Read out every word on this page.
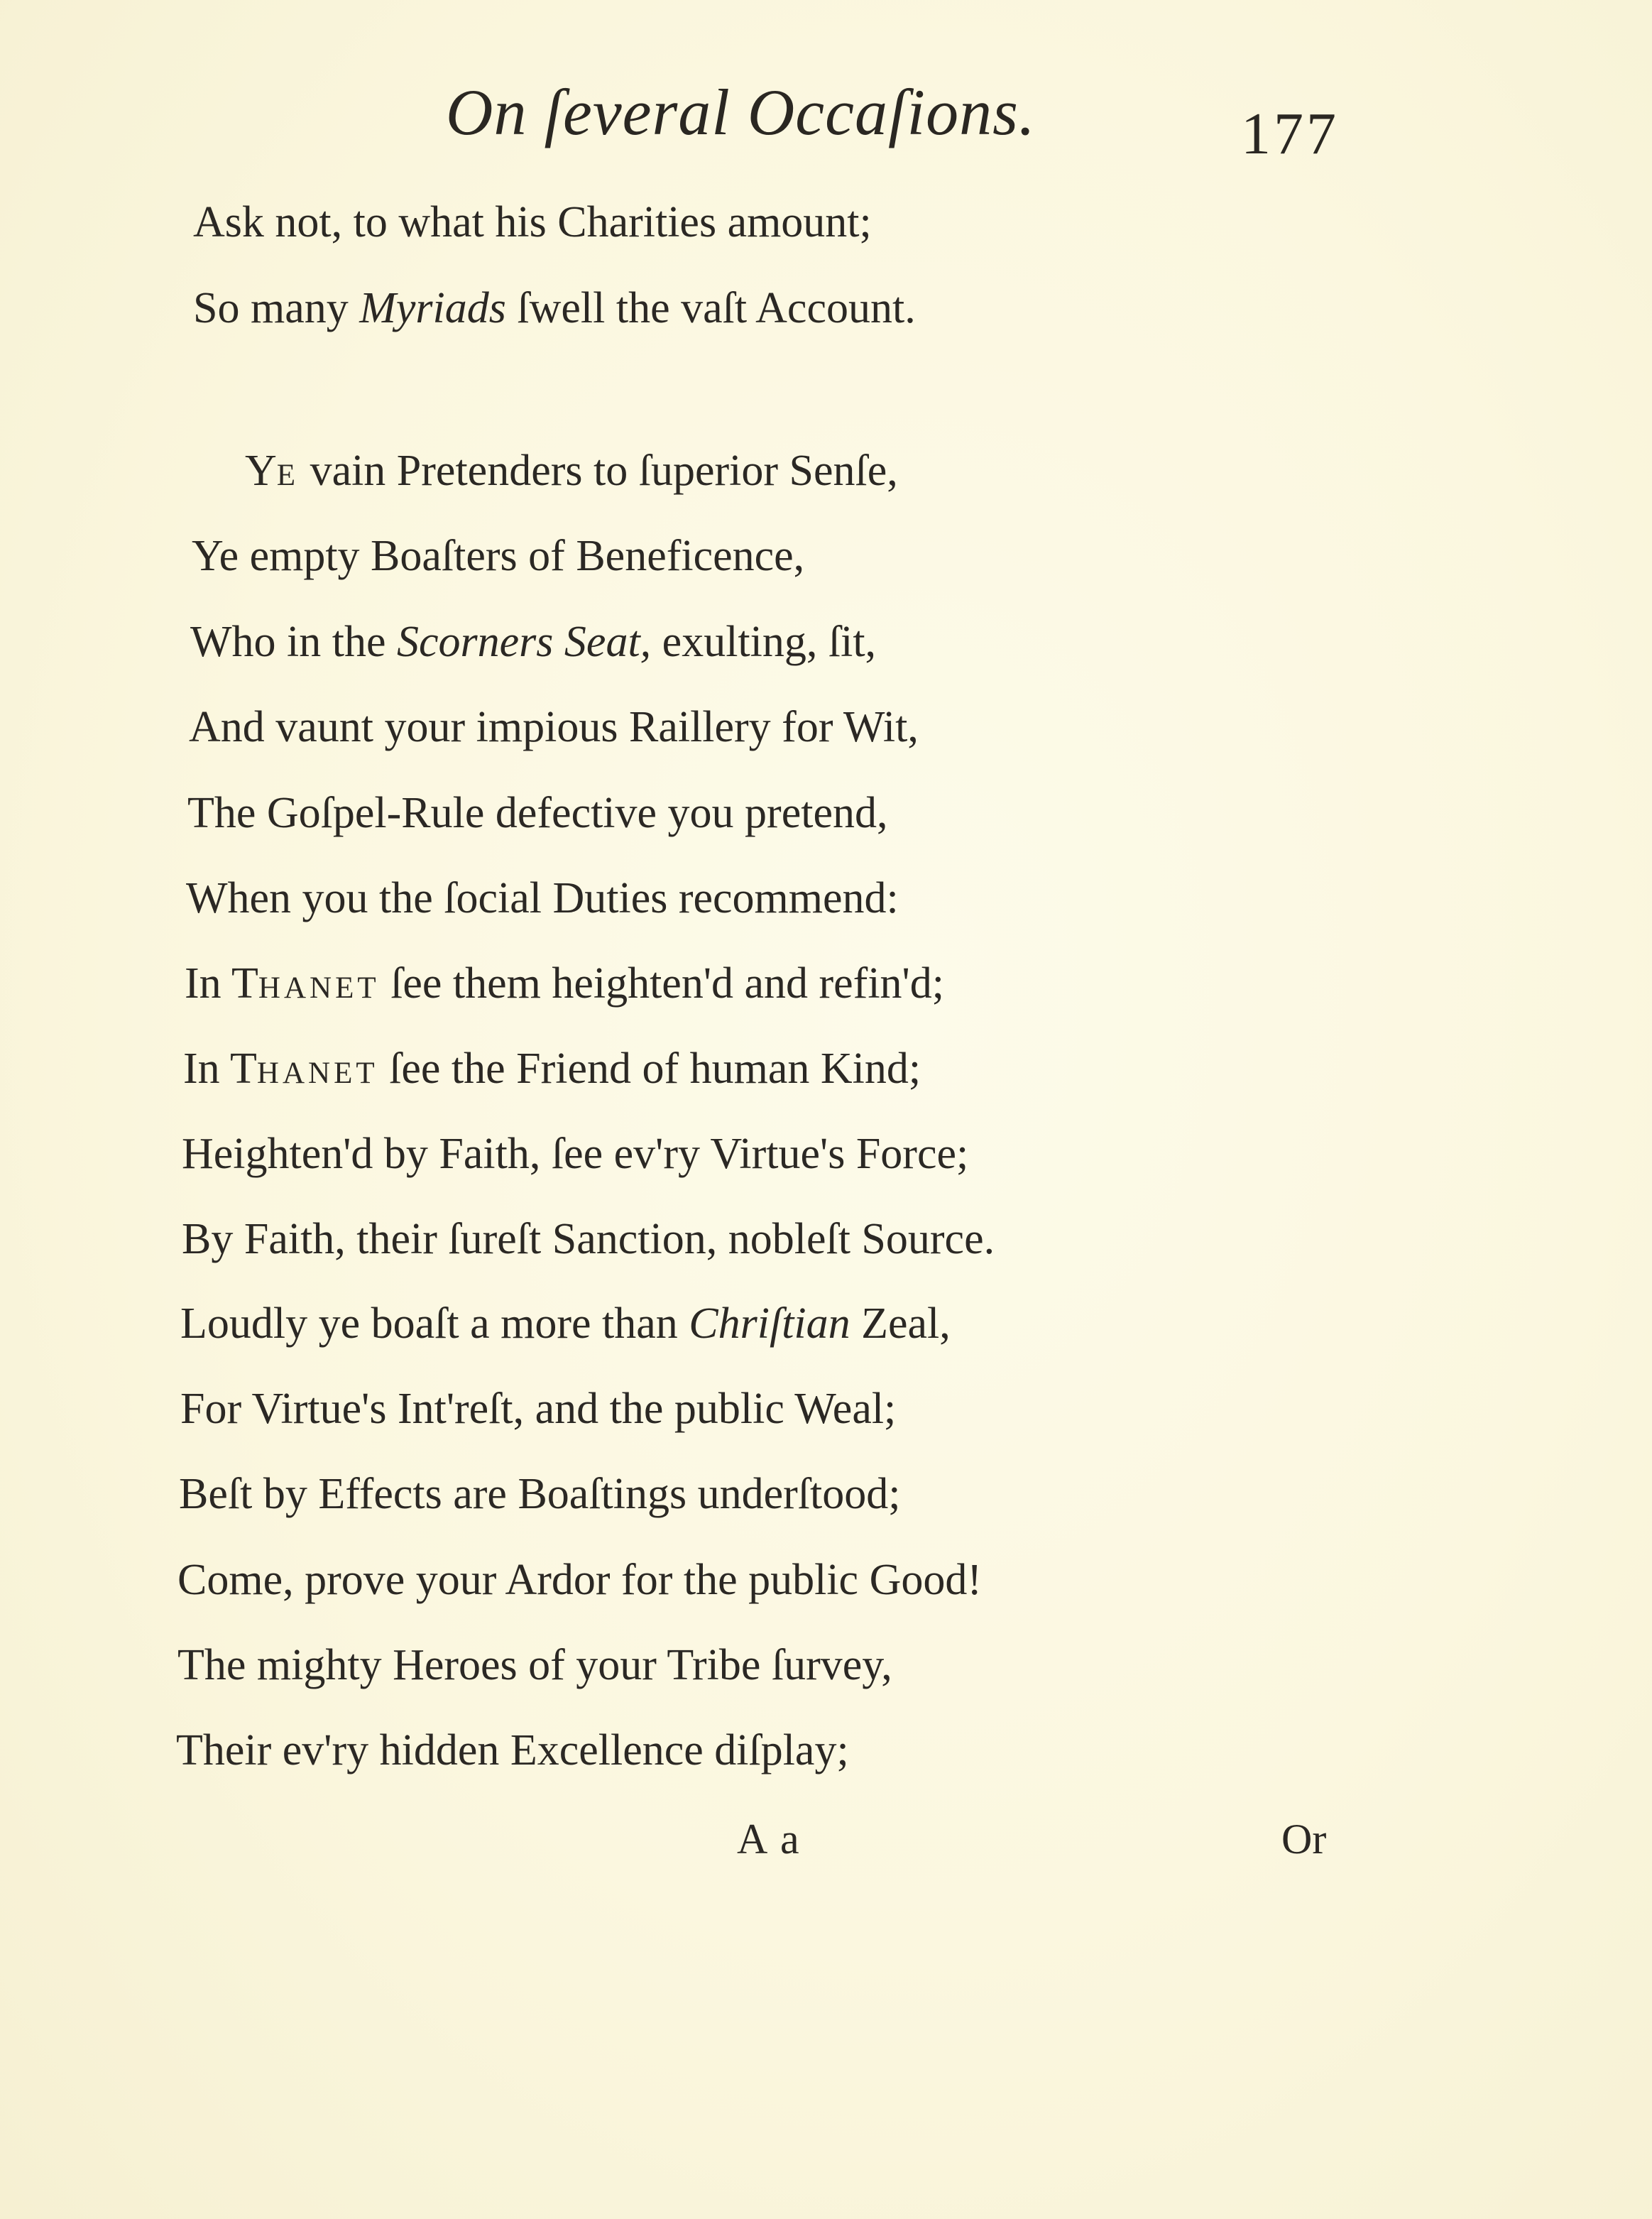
On ſeveral Occaſions.	177
Ask not, to what his Charities amount;
So many Myriads ſwell the vaſt Account.
Ye vain Pretenders to ſuperior Senſe,
Ye empty Boaſters of Beneficence,
Who in the Scorners Seat, exulting, ſit,
And vaunt your impious Raillery for Wit,
The Goſpel-Rule defective you pretend,
When you the ſocial Duties recommend:
In Thanet ſee them heighten'd and refin'd;
In Thanet ſee the Friend of human Kind;
Heighten'd by Faith, ſee ev'ry Virtue's Force;
By Faith, their ſureſt Sanction, nobleſt Source.
Loudly ye boaſt a more than Chriſtian Zeal,
For Virtue's Int'reſt, and the public Weal;
Beſt by Effects are Boaſtings underſtood;
Come, prove your Ardor for the public Good!
The mighty Heroes of your Tribe ſurvey,
Their ev'ry hidden Excellence diſplay;
A a	Or
